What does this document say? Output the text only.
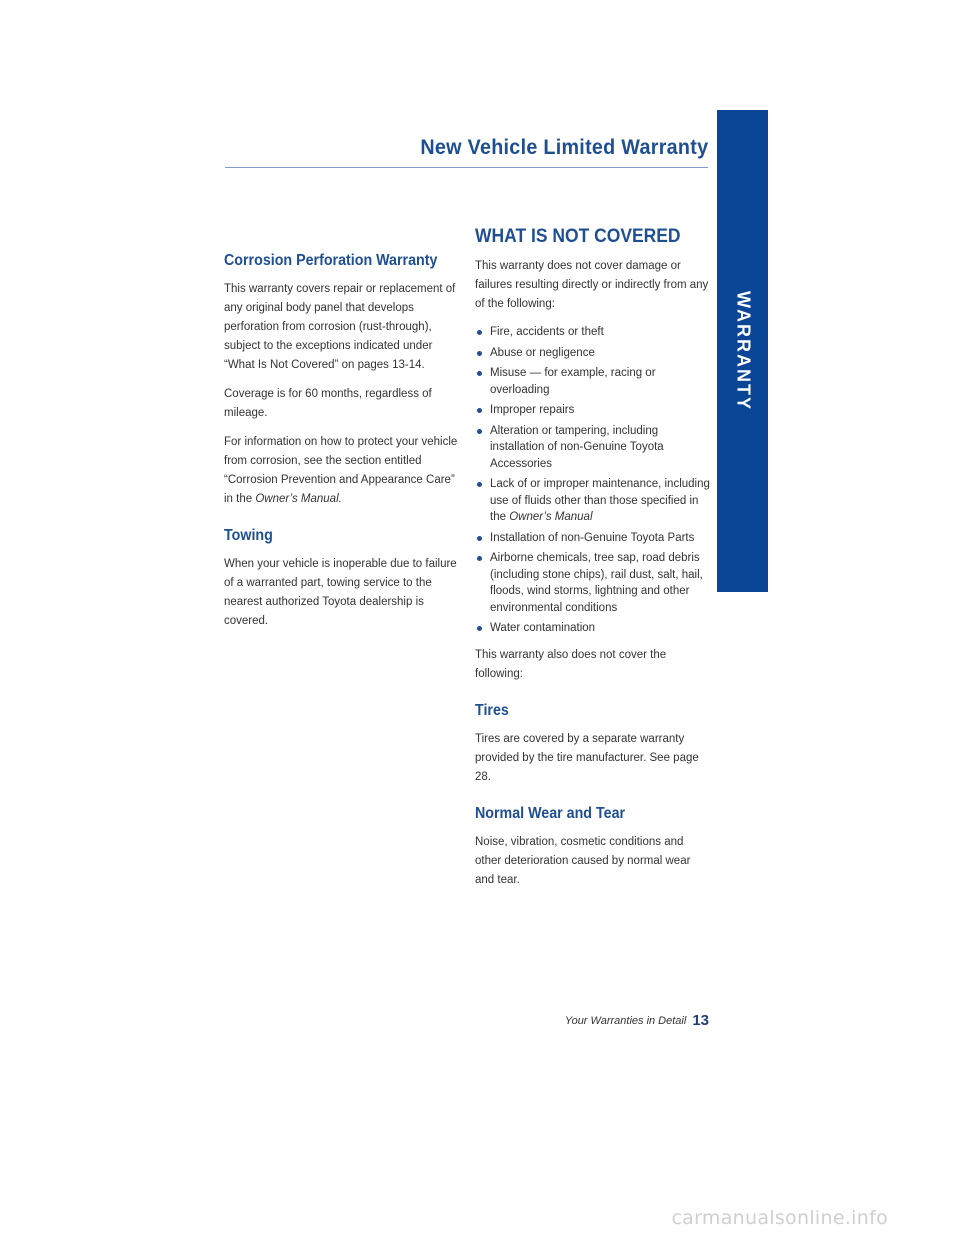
New Vehicle Limited Warranty
WARRANTY
Corrosion Perforation Warranty

This warranty covers repair or replacement of any original body panel that develops perforation from corrosion (rust-through), subject to the exceptions indicated under “What Is Not Covered” on pages 13-14.

Coverage is for 60 months, regardless of mileage.

For information on how to protect your vehicle from corrosion, see the section entitled “Corrosion Prevention and Appearance Care” in the Owner’s Manual.

Towing

When your vehicle is inoperable due to failure of a warranted part, towing service to the nearest authorized Toyota dealership is covered.

WHAT IS NOT COVERED

This warranty does not cover damage or failures resulting directly or indirectly from any of the following:

Fire, accidents or theft
Abuse or negligence
Misuse — for example, racing or overloading
Improper repairs
Alteration or tampering, including installation of non-Genuine Toyota Accessories
Lack of or improper maintenance, including use of fluids other than those specified in the Owner’s Manual
Installation of non-Genuine Toyota Parts
Airborne chemicals, tree sap, road debris (including stone chips), rail dust, salt, hail, floods, wind storms, lightning and other environmental conditions
Water contamination

This warranty also does not cover the following:

Tires

Tires are covered by a separate warranty provided by the tire manufacturer. See page 28.

Normal Wear and Tear

Noise, vibration, cosmetic conditions and other deterioration caused by normal wear and tear.

Your Warranties in Detail 13
carmanualsonline.info
